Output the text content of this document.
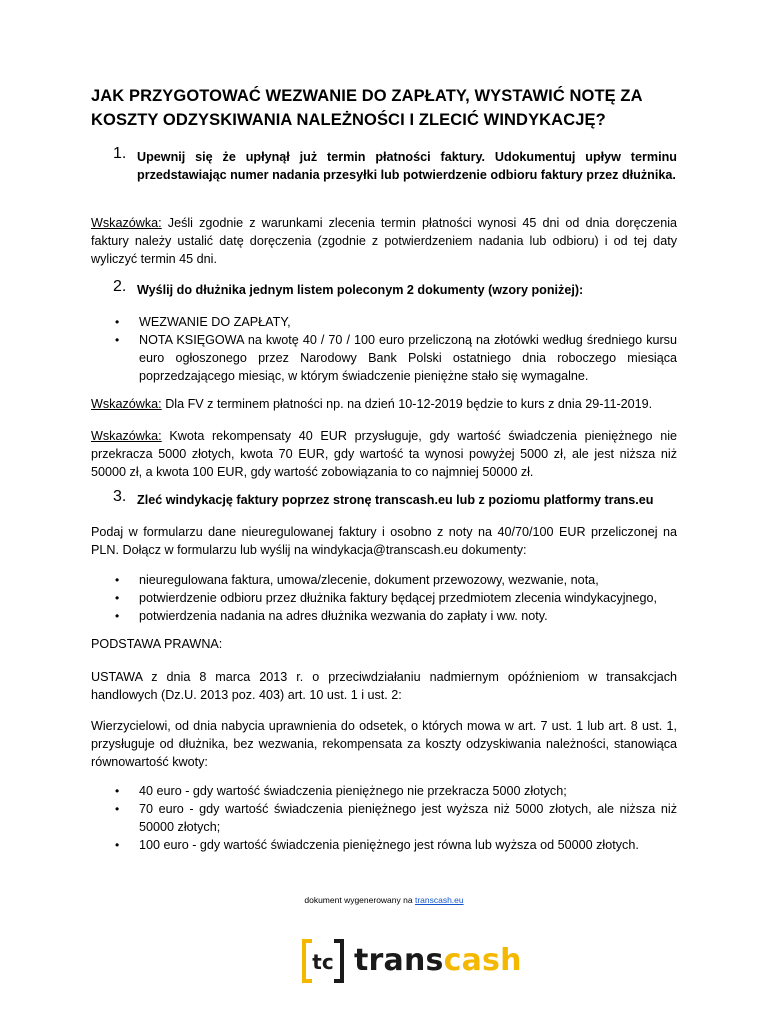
JAK PRZYGOTOWAĆ WEZWANIE DO ZAPŁATY, WYSTAWIĆ NOTĘ ZA KOSZTY ODZYSKIWANIA NALEŻNOŚCI I ZLECIĆ WINDYKACJĘ?
1. Upewnij się że upłynął już termin płatności faktury. Udokumentuj upływ terminu przedstawiając numer nadania przesyłki lub potwierdzenie odbioru faktury przez dłużnika.
Wskazówka: Jeśli zgodnie z warunkami zlecenia termin płatności wynosi 45 dni od dnia doręczenia faktury należy ustalić datę doręczenia (zgodnie z potwierdzeniem nadania lub odbioru) i od tej daty wyliczyć termin 45 dni.
2. Wyślij do dłużnika jednym listem poleconym 2 dokumenty (wzory poniżej):
• WEZWANIE DO ZAPŁATY,
• NOTA KSIĘGOWA na kwotę 40 / 70 / 100 euro przeliczoną na złotówki według średniego kursu euro ogłoszonego przez Narodowy Bank Polski ostatniego dnia roboczego miesiąca poprzedzającego miesiąc, w którym świadczenie pieniężne stało się wymagalne.
Wskazówka: Dla FV z terminem płatności np. na dzień 10-12-2019 będzie to kurs z dnia 29-11-2019.
Wskazówka: Kwota rekompensaty 40 EUR przysługuje, gdy wartość świadczenia pieniężnego nie przekracza 5000 złotych, kwota 70 EUR, gdy wartość ta wynosi powyżej 5000 zł, ale jest niższa niż 50000 zł, a kwota 100 EUR, gdy wartość zobowiązania to co najmniej 50000 zł.
3. Zleć windykację faktury poprzez stronę transcash.eu lub z poziomu platformy trans.eu
Podaj w formularzu dane nieuregulowanej faktury i osobno z noty na 40/70/100 EUR przeliczonej na PLN. Dołącz w formularzu lub wyślij na windykacja@transcash.eu dokumenty:
• nieuregulowana faktura, umowa/zlecenie, dokument przewozowy, wezwanie, nota,
• potwierdzenie odbioru przez dłużnika faktury będącej przedmiotem zlecenia windykacyjnego,
• potwierdzenia nadania na adres dłużnika wezwania do zapłaty i ww. noty.
PODSTAWA PRAWNA:
USTAWA z dnia 8 marca 2013 r. o przeciwdziałaniu nadmiernym opóźnieniom w transakcjach handlowych (Dz.U. 2013 poz. 403) art. 10 ust. 1 i ust. 2:
Wierzycielowi, od dnia nabycia uprawnienia do odsetek, o których mowa w art. 7 ust. 1 lub art. 8 ust. 1, przysługuje od dłużnika, bez wezwania, rekompensata za koszty odzyskiwania należności, stanowiąca równowartość kwoty:
• 40 euro - gdy wartość świadczenia pieniężnego nie przekracza 5000 złotych;
• 70 euro - gdy wartość świadczenia pieniężnego jest wyższa niż 5000 złotych, ale niższa niż 50000 złotych;
• 100 euro - gdy wartość świadczenia pieniężnego jest równa lub wyższa od 50000 złotych.
dokument wygenerowany na transcash.eu
tc transcash
